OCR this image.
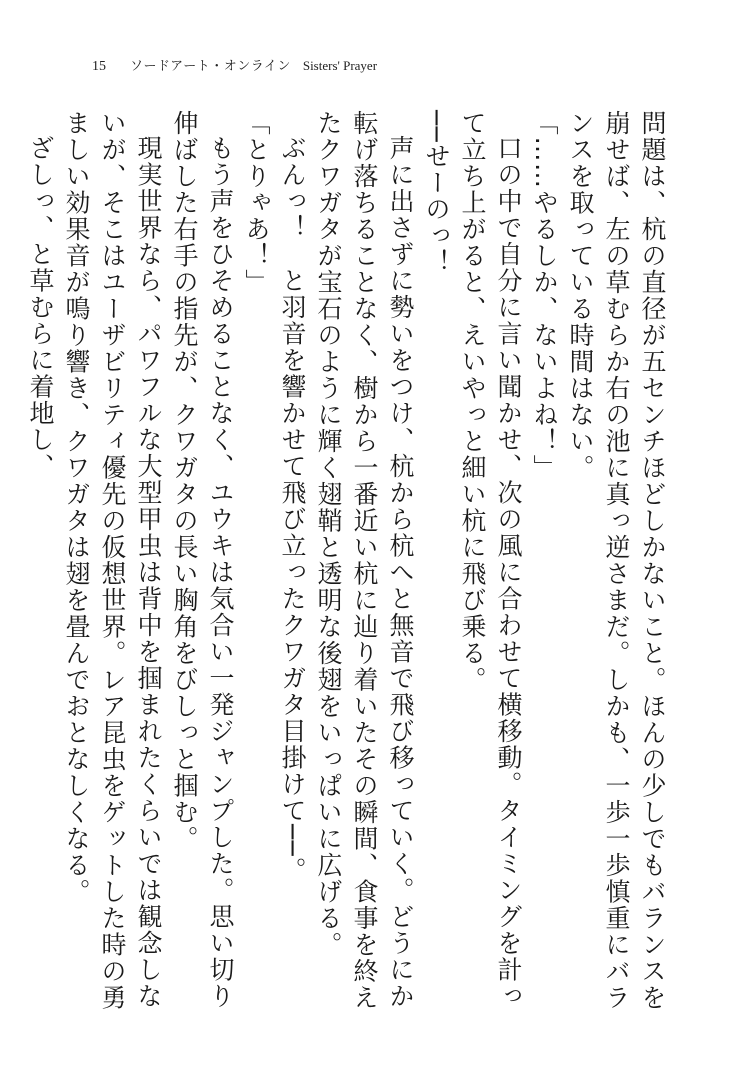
15	ソードアート・オンライン Sisters' Prayer

問題は、杭の直径が五センチほどしかないこと。ほんの少しでもバランスを崩せば、左の草むらか右の池に真っ逆さまだ。しかも、一歩一歩慎重にバランスを取っている時間はない。

「……やるしか、ないよね！」

口の中で自分に言い聞かせ、次の風に合わせて横移動。タイミングを計って立ち上がると、えいやっと細い杭に飛び乗る。

──せーのっ！

声に出さずに勢いをつけ、杭から杭へと無音で飛び移っていく。どうにか転げ落ちることなく、樹から一番近い杭に辿り着いたその瞬間、食事を終えたクワガタが宝石のように輝く翅鞘と透明な後翅をいっぱいに広げる。

ぶんっ！　と羽音を響かせて飛び立ったクワガタ目掛けて──。

「とりゃあ！」

もう声をひそめることなく、ユウキは気合い一発ジャンプした。思い切り伸ばした右手の指先が、クワガタの長い胸角をびしっと掴む。

現実世界なら、パワフルな大型甲虫は背中を掴まれたくらいでは観念しないが、そこはユーザビリティ優先の仮想世界。レア昆虫をゲットした時の勇ましい効果音が鳴り響き、クワガタは翅を畳んでおとなしくなる。

ざしっ、と草むらに着地し、
